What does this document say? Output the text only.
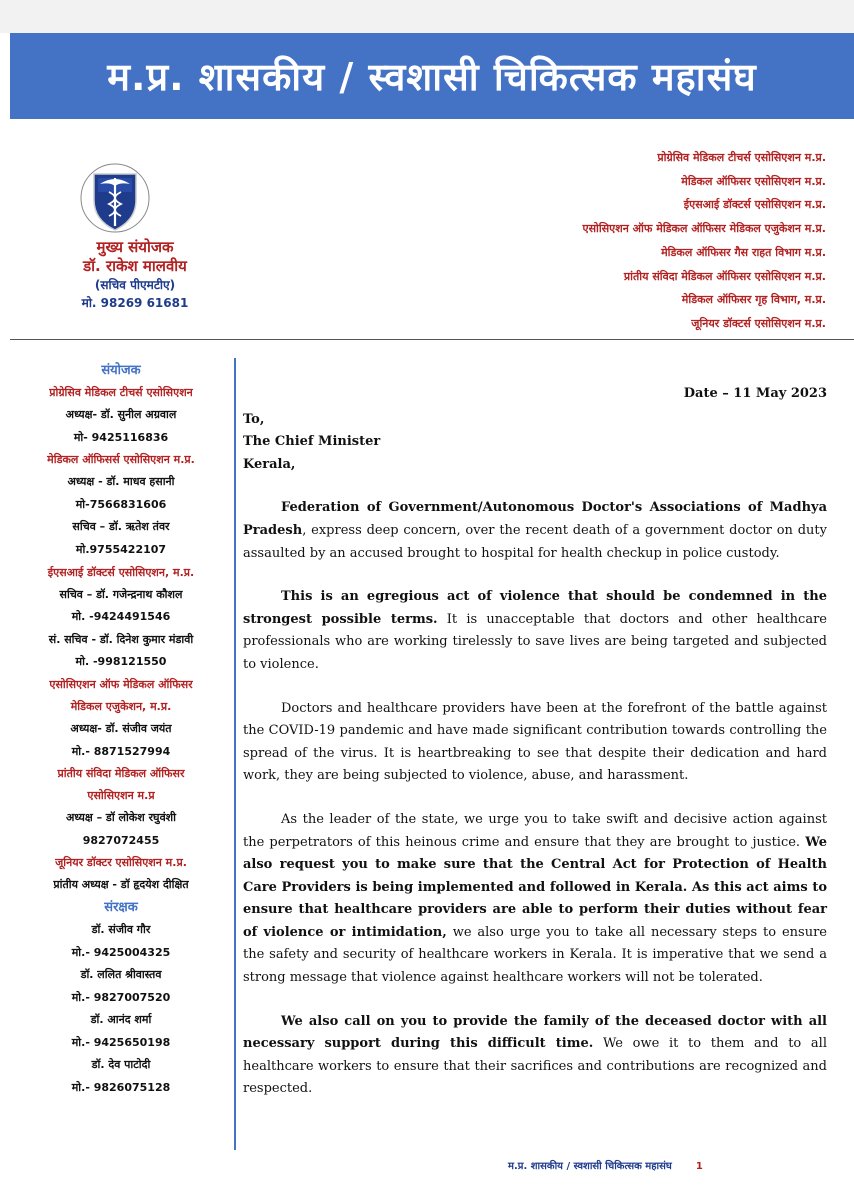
म.प्र. शासकीय / स्वशासी चिकित्सक महासंघ
मुख्य संयोजक
डॉ. राकेश मालवीय
(सचिव पीएमटीए)
मो. 98269 61681
प्रोग्रेसिव मेडिकल टीचर्स एसोसिएशन म.प्र.
मेडिकल ऑफिसर एसोसिएशन म.प्र.
ईएसआई डॉक्टर्स एसोसिएशन म.प्र.
एसोसिएशन ऑफ मेडिकल ऑफिसर मेडिकल एजुकेशन म.प्र.
मेडिकल ऑफिसर गैस राहत विभाग म.प्र.
प्रांतीय संविदा मेडिकल ऑफिसर एसोसिएशन म.प्र.
मेडिकल ऑफिसर गृह विभाग, म.प्र.
जूनियर डॉक्टर्स एसोसिएशन म.प्र.
संयोजक
प्रोग्रेसिव मेडिकल टीचर्स एसोसिएशन
अध्यक्ष- डॉ. सुनील अग्रवाल
मो- 9425116836
मेडिकल ऑफिसर्स एसोसिएशन म.प्र.
अध्यक्ष - डॉ. माधव हसानी
मो-7566831606
सचिव – डॉ. ऋतेश तंवर
मो.9755422107
ईएसआई डॉक्टर्स एसोसिएशन, म.प्र.
सचिव – डॉ. गजेन्द्रनाथ कौशल
मो. -9424491546
सं. सचिव - डॉ. दिनेश कुमार मंडावी
मो. -998121550
एसोसिएशन ऑफ मेडिकल ऑफिसर
मेडिकल एजुकेशन, म.प्र.
अध्यक्ष- डॉ. संजीव जयंत
मो.- 8871527994
प्रांतीय संविदा मेडिकल ऑफिसर
एसोसिएशन म.प्र
अध्यक्ष – डॉ लोकेश रघुवंशी
9827072455
जूनियर डॉक्टर एसोसिएशन म.प्र.
प्रांतीय अध्यक्ष - डॉ हृदयेश दीक्षित
संरक्षक
डॉ. संजीव गौर
मो.- 9425004325
डॉ. ललित श्रीवास्तव
मो.- 9827007520
डॉ. आनंद शर्मा
मो.- 9425650198
डॉ. देव पाटोदी
मो.- 9826075128
Date – 11 May 2023
To,
The Chief Minister
Kerala,

Federation of Government/Autonomous Doctor's Associations of Madhya Pradesh, express deep concern, over the recent death of a government doctor on duty assaulted by an accused brought to hospital for health checkup in police custody.

This is an egregious act of violence that should be condemned in the strongest possible terms. It is unacceptable that doctors and other healthcare professionals who are working tirelessly to save lives are being targeted and subjected to violence.

Doctors and healthcare providers have been at the forefront of the battle against the COVID-19 pandemic and have made significant contribution towards controlling the spread of the virus. It is heartbreaking to see that despite their dedication and hard work, they are being subjected to violence, abuse, and harassment.

As the leader of the state, we urge you to take swift and decisive action against the perpetrators of this heinous crime and ensure that they are brought to justice. We also request you to make sure that the Central Act for Protection of Health Care Providers is being implemented and followed in Kerala. As this act aims to ensure that healthcare providers are able to perform their duties without fear of violence or intimidation, we also urge you to take all necessary steps to ensure the safety and security of healthcare workers in Kerala. It is imperative that we send a strong message that violence against healthcare workers will not be tolerated.

We also call on you to provide the family of the deceased doctor with all necessary support during this difficult time. We owe it to them and to all healthcare workers to ensure that their sacrifices and contributions are recognized and respected.

म.प्र. शासकीय / स्वशासी चिकित्सक महासंघ 1
